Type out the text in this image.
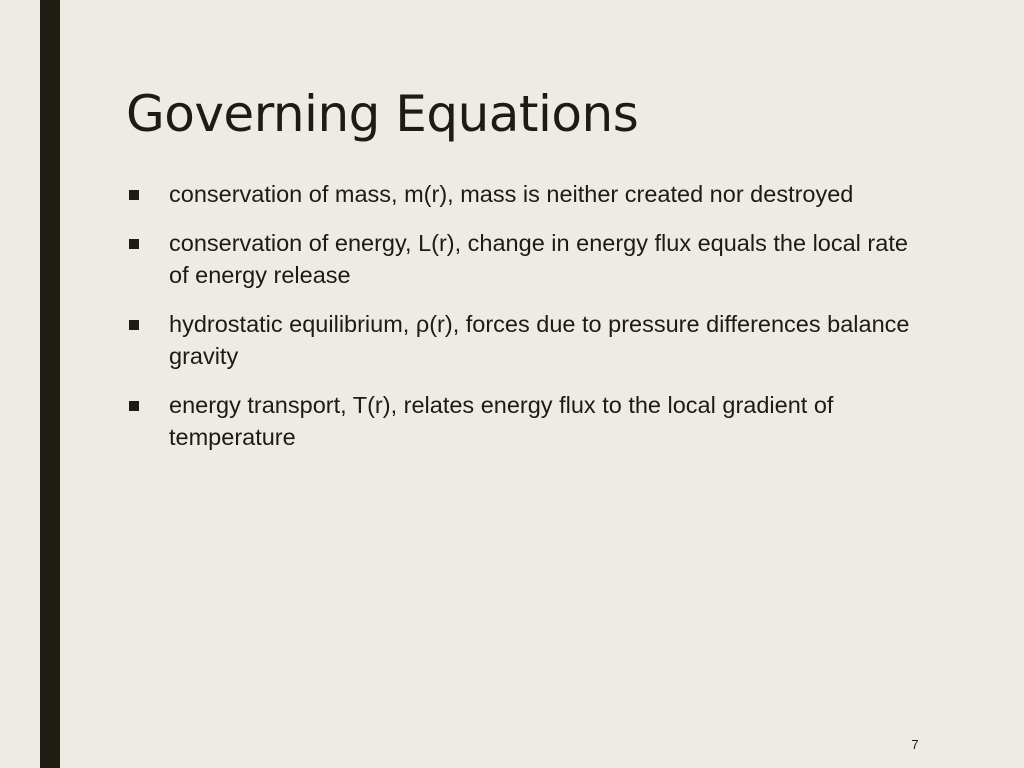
Governing Equations
conservation of mass, m(r), mass is neither created nor destroyed
conservation of energy, L(r), change in energy flux equals the local rate of energy release
hydrostatic equilibrium, ρ(r), forces due to pressure differences balance gravity
energy transport, T(r), relates energy flux to the local gradient of temperature
7
